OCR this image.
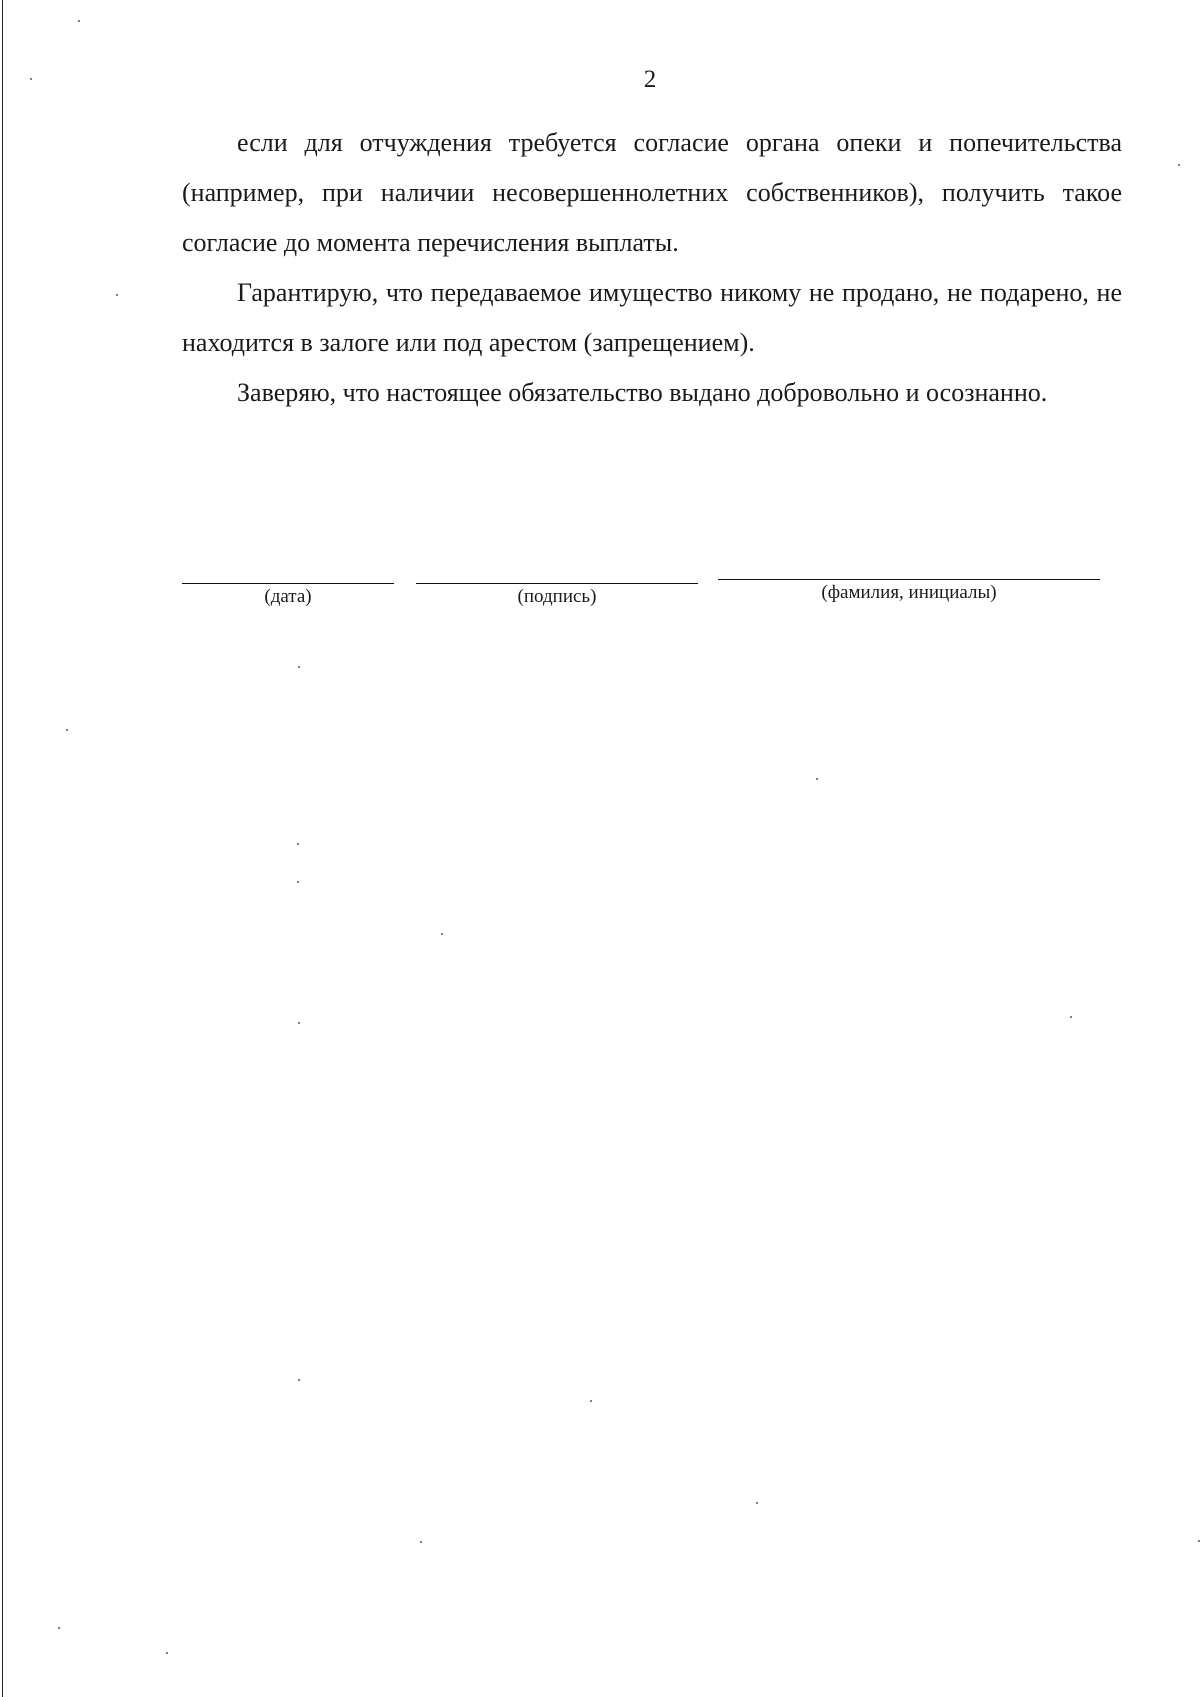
2

если для отчуждения требуется согласие органа опеки и попечительства (например, при наличии несовершеннолетних собственников), получить такое согласие до момента перечисления выплаты.

Гарантирую, что передаваемое имущество никому не продано, не подарено, не находится в залоге или под арестом (запрещением).

Заверяю, что настоящее обязательство выдано добровольно и осознанно.

(дата)	(подпись)	(фамилия, инициалы)
